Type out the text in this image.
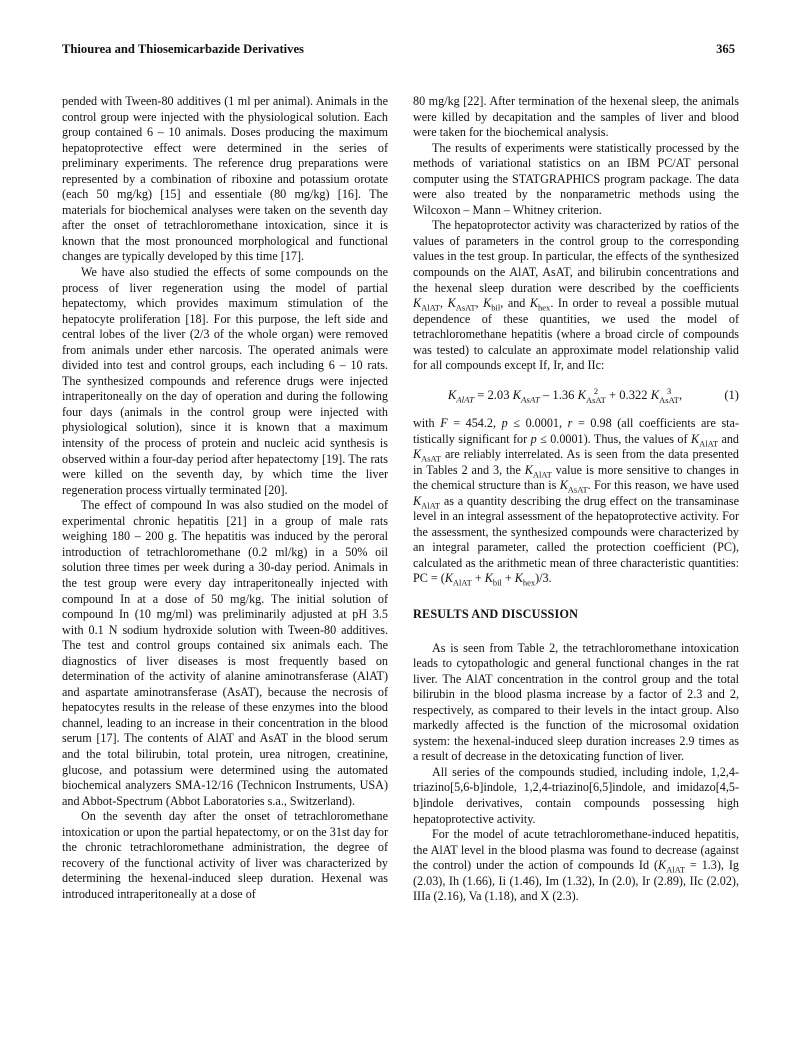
Thiourea and Thiosemicarbazide Derivatives	365

pended with Tween-80 additives (1 ml per animal). Animals in the control group were injected with the physiological solution. Each group contained 6 – 10 animals. Doses producing the maximum hepatoprotective effect were determined in the series of preliminary experiments. The reference drug preparations were represented by a combination of riboxine and potassium orotate (each 50 mg/kg) [15] and essentiale (80 mg/kg) [16]. The materials for biochemical analyses were taken on the seventh day after the onset of tetrachloromethane intoxication, since it is known that the most pronounced morphological and functional changes are typically developed by this time [17].

We have also studied the effects of some compounds on the process of liver regeneration using the model of partial hepatectomy, which provides maximum stimulation of the hepatocyte proliferation [18]. For this purpose, the left side and central lobes of the liver (2/3 of the whole organ) were removed from animals under ether narcosis. The operated animals were divided into test and control groups, each including 6 – 10 rats. The synthesized compounds and reference drugs were injected intraperitoneally on the day of operation and during the following four days (animals in the control group were injected with physiological solution), since it is known that a maximum intensity of the process of protein and nucleic acid synthesis is observed within a four-day period after hepatectomy [19]. The rats were killed on the seventh day, by which time the liver regeneration process virtually terminated [20].

The effect of compound In was also studied on the model of experimental chronic hepatitis [21] in a group of male rats weighing 180 – 200 g. The hepatitis was induced by the peroral introduction of tetrachloromethane (0.2 ml/kg) in a 50% oil solution three times per week during a 30-day period. Animals in the test group were every day intraperitoneally injected with compound In at a dose of 50 mg/kg. The initial solution of compound In (10 mg/ml) was preliminarily adjusted at pH 3.5 with 0.1 N sodium hydroxide solution with Tween-80 additives. The test and control groups contained six animals each. The diagnostics of liver diseases is most frequently based on determination of the activity of alanine aminotransferase (AlAT) and aspartate aminotransferase (AsAT), because the necrosis of hepatocytes results in the release of these enzymes into the blood channel, leading to an increase in their concentration in the blood serum [17]. The contents of AlAT and AsAT in the blood serum and the total bilirubin, total protein, urea nitrogen, creatinine, glucose, and potassium were determined using the automated biochemical analyzers SMA-12/16 (Technicon Instruments, USA) and Abbot-Spectrum (Abbot Laboratories s.a., Switzerland).

On the seventh day after the onset of tetrachloromethane intoxication or upon the partial hepatectomy, or on the 31st day for the chronic tetrachloromethane administration, the degree of recovery of the functional activity of liver was characterized by determining the hexenal-induced sleep duration. Hexenal was introduced intraperitoneally at a dose of

80 mg/kg [22]. After termination of the hexenal sleep, the animals were killed by decapitation and the samples of liver and blood were taken for the biochemical analysis.

The results of experiments were statistically processed by the methods of variational statistics on an IBM PC/AT personal computer using the STATGRAPHICS program package. The data were also treated by the nonparametric methods using the Wilcoxon – Mann – Whitney criterion.

The hepatoprotector activity was characterized by ratios of the values of parameters in the control group to the corresponding values in the test group. In particular, the effects of the synthesized compounds on the AlAT, AsAT, and bilirubin concentrations and the hexenal sleep duration were described by the coefficients $K_{AlAT}$, $K_{AsAT}$, $K_{bil}$, and $K_{hex}$. In order to reveal a possible mutual dependence of these quantities, we used the model of tetrachloromethane hepatitis (where a broad circle of compounds was tested) to calculate an approximate model relationship valid for all compounds except If, Ir, and IIc:

$K_{AlAT} = 2.03$ $K_{AsAT} - 1.36$ K 2
AsAT + 0.322 K 3
AsAT ,	(1)

with F = 454.2, p ≤ 0.0001, r = 0.98 (all coefficients are statistically significant for p ≤ 0.0001). Thus, the values of $K_{AlAT}$ and $K_{AsAT}$ are reliably interrelated. As is seen from the data presented in Tables 2 and 3, the $K_{AlAT}$ value is more sensitive to changes in the chemical structure than is $K_{AsAT}$. For this reason, we have used $K_{AlAT}$ as a quantity describing the drug effect on the transaminase level in an integral assessment of the hepatoprotective activity. For the assessment, the synthesized compounds were characterized by an integral parameter, called the protection coefficient (PC), calculated as the arithmetic mean of three characteristic quantities: PC = $(K_{AlAT} + K_{bil} + K_{hex})/3$.

RESULTS AND DISCUSSION

As is seen from Table 2, the tetrachloromethane intoxication leads to cytopathologic and general functional changes in the rat liver. The AlAT concentration in the control group and the total bilirubin in the blood plasma increase by a factor of 2.3 and 2, respectively, as compared to their levels in the intact group. Also markedly affected is the function of the microsomal oxidation system: the hexenal-induced sleep duration increases 2.9 times as a result of decrease in the detoxicating function of liver.

All series of the compounds studied, including indole, 1,2,4-triazino[5,6-b]indole, 1,2,4-triazino[6,5]indole, and imidazo[4,5-b]indole derivatives, contain compounds possessing high hepatoprotective activity.

For the model of acute tetrachloromethane-induced hepatitis, the AlAT level in the blood plasma was found to decrease (against the control) under the action of compounds Id $(K_{AlAT} = 1.3)$, Ig (2.03), Ih (1.66), Ii (1.46), Im (1.32), In (2.0), Ir (2.89), IIc (2.02), IIIa (2.16), Va (1.18), and X (2.3).
